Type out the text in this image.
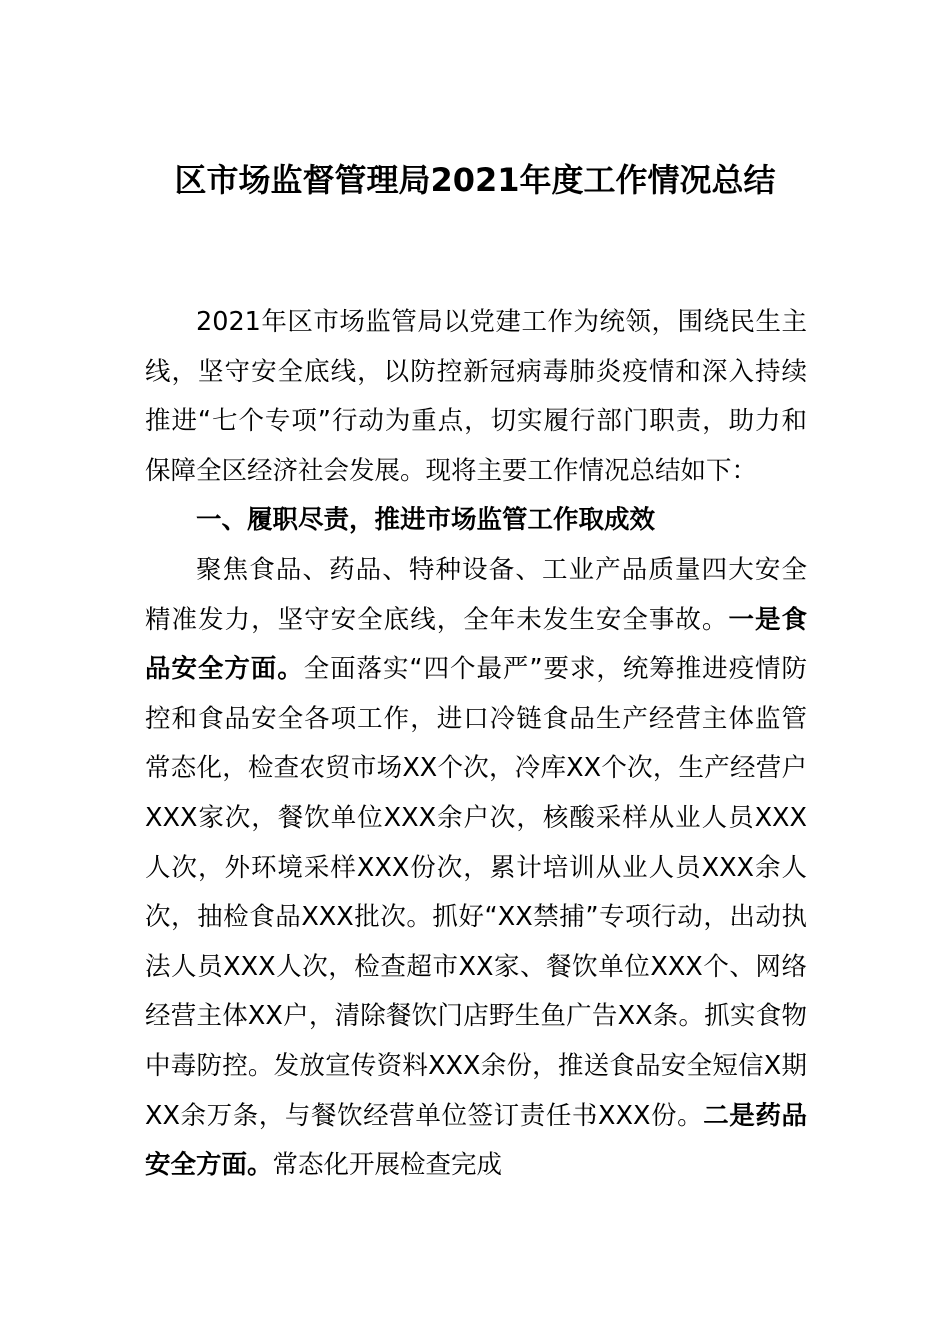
区市场监督管理局2021年度工作情况总结

2021年区市场监管局以党建工作为统领，围绕民生主线，坚守安全底线，以防控新冠病毒肺炎疫情和深入持续推进“七个专项”行动为重点，切实履行部门职责，助力和保障全区经济社会发展。现将主要工作情况总结如下：

一、履职尽责，推进市场监管工作取成效

聚焦食品、药品、特种设备、工业产品质量四大安全精准发力，坚守安全底线，全年未发生安全事故。一是食品安全方面。全面落实“四个最严”要求，统筹推进疫情防控和食品安全各项工作，进口冷链食品生产经营主体监管常态化，检查农贸市场XX个次，冷库XX个次，生产经营户XXX家次，餐饮单位XXX余户次，核酸采样从业人员XXX人次，外环境采样XXX份次，累计培训从业人员XXX余人次，抽检食品XXX批次。抓好“XX禁捕”专项行动，出动执法人员XXX人次，检查超市XX家、餐饮单位XXX个、网络经营主体XX户，清除餐饮门店野生鱼广告XX条。抓实食物中毒防控。发放宣传资料XXX余份，推送食品安全短信X期XX余万条，与餐饮经营单位签订责任书XXX份。二是药品安全方面。常态化开展检查完成
